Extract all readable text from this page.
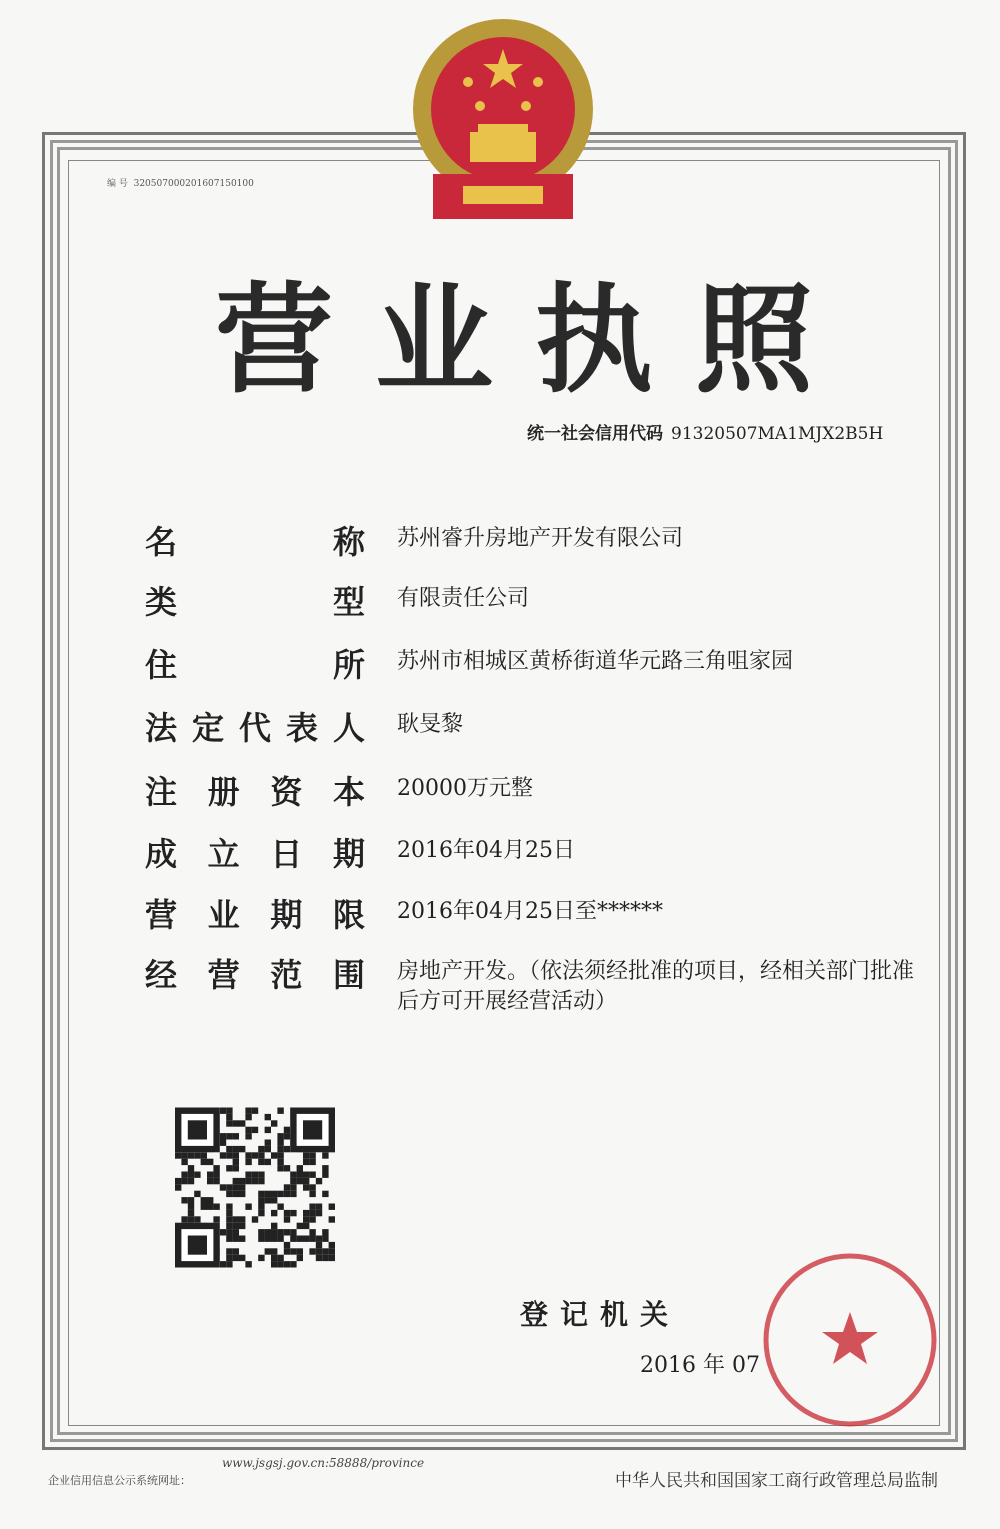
编 号 320507000201607150100
营业执照
统一社会信用代码 91320507MA1MJX2B5H
名称 苏州睿升房地产开发有限公司
类型 有限责任公司
住所 苏州市相城区黄桥街道华元路三角咀家园
法定代表人 耿旻黎
注册资本 20000万元整
成立日期 2016年04月25日
营业期限 2016年04月25日至******
经营范围 房地产开发。（依法须经批准的项目，经相关部门批准后方可开展经营活动）
登记机关
2016 年 07
企业信用信息公示系统网址：
www.jsgsj.gov.cn:58888/province
中华人民共和国国家工商行政管理总局监制
